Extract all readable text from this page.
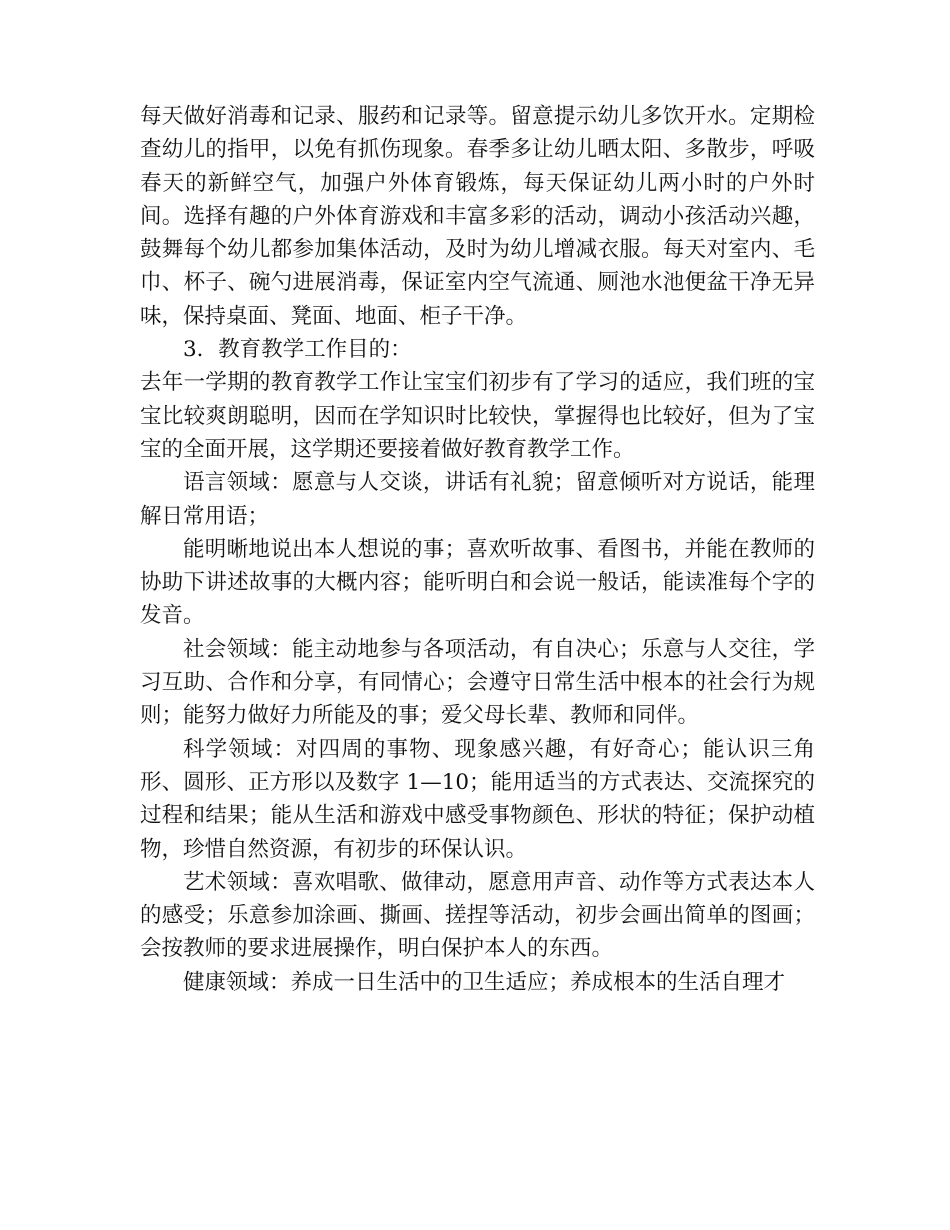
每天做好消毒和记录、服药和记录等。留意提示幼儿多饮开水。定期检查幼儿的指甲，以免有抓伤现象。春季多让幼儿晒太阳、多散步，呼吸春天的新鲜空气，加强户外体育锻炼，每天保证幼儿两小时的户外时间。选择有趣的户外体育游戏和丰富多彩的活动，调动小孩活动兴趣，鼓舞每个幼儿都参加集体活动，及时为幼儿增减衣服。每天对室内、毛巾、杯子、碗勺进展消毒，保证室内空气流通、厕池水池便盆干净无异味，保持桌面、凳面、地面、柜子干净。

3．教育教学工作目的：

去年一学期的教育教学工作让宝宝们初步有了学习的适应，我们班的宝宝比较爽朗聪明，因而在学知识时比较快，掌握得也比较好，但为了宝宝的全面开展，这学期还要接着做好教育教学工作。

语言领域：愿意与人交谈，讲话有礼貌；留意倾听对方说话，能理解日常用语；

能明晰地说出本人想说的事；喜欢听故事、看图书，并能在教师的协助下讲述故事的大概内容；能听明白和会说一般话，能读准每个字的发音。

社会领域：能主动地参与各项活动，有自决心；乐意与人交往，学习互助、合作和分享，有同情心；会遵守日常生活中根本的社会行为规则；能努力做好力所能及的事；爱父母长辈、教师和同伴。

科学领域：对四周的事物、现象感兴趣，有好奇心；能认识三角形、圆形、正方形以及数字 1—10；能用适当的方式表达、交流探究的过程和结果；能从生活和游戏中感受事物颜色、形状的特征；保护动植物，珍惜自然资源，有初步的环保认识。

艺术领域：喜欢唱歌、做律动，愿意用声音、动作等方式表达本人的感受；乐意参加涂画、撕画、搓捏等活动，初步会画出简单的图画；会按教师的要求进展操作，明白保护本人的东西。

健康领域：养成一日生活中的卫生适应；养成根本的生活自理才
